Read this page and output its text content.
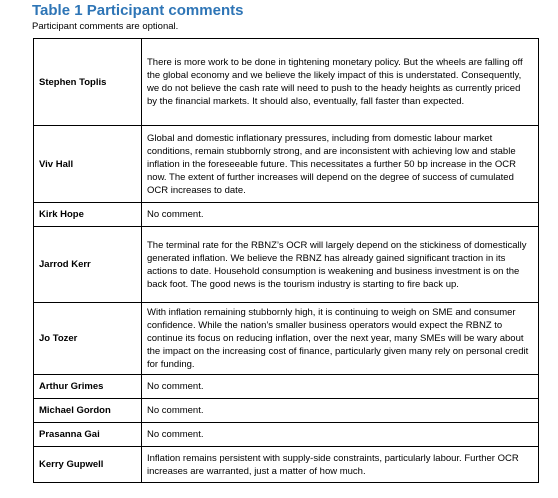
Table 1 Participant comments
Participant comments are optional.
Stephen Toplis	There is more work to be done in tightening monetary policy. But the wheels are falling off the global economy and we believe the likely impact of this is understated. Consequently, we do not believe the cash rate will need to push to the heady heights as currently priced by the financial markets. It should also, eventually, fall faster than expected.
Viv Hall	Global and domestic inflationary pressures, including from domestic labour market conditions, remain stubbornly strong, and are inconsistent with achieving low and stable inflation in the foreseeable future. This necessitates a further 50 bp increase in the OCR now. The extent of further increases will depend on the degree of success of cumulated OCR increases to date.
Kirk Hope	No comment.
Jarrod Kerr	The terminal rate for the RBNZ’s OCR will largely depend on the stickiness of domestically generated inflation. We believe the RBNZ has already gained significant traction in its actions to date. Household consumption is weakening and business investment is on the back foot. The good news is the tourism industry is starting to fire back up.
Jo Tozer	With inflation remaining stubbornly high, it is continuing to weigh on SME and consumer confidence. While the nation’s smaller business operators would expect the RBNZ to continue its focus on reducing inflation, over the next year, many SMEs will be wary about the impact on the increasing cost of finance, particularly given many rely on personal credit for funding.
Arthur Grimes	No comment.
Michael Gordon	No comment.
Prasanna Gai	No comment.
Kerry Gupwell	Inflation remains persistent with supply-side constraints, particularly labour. Further OCR increases are warranted, just a matter of how much.
